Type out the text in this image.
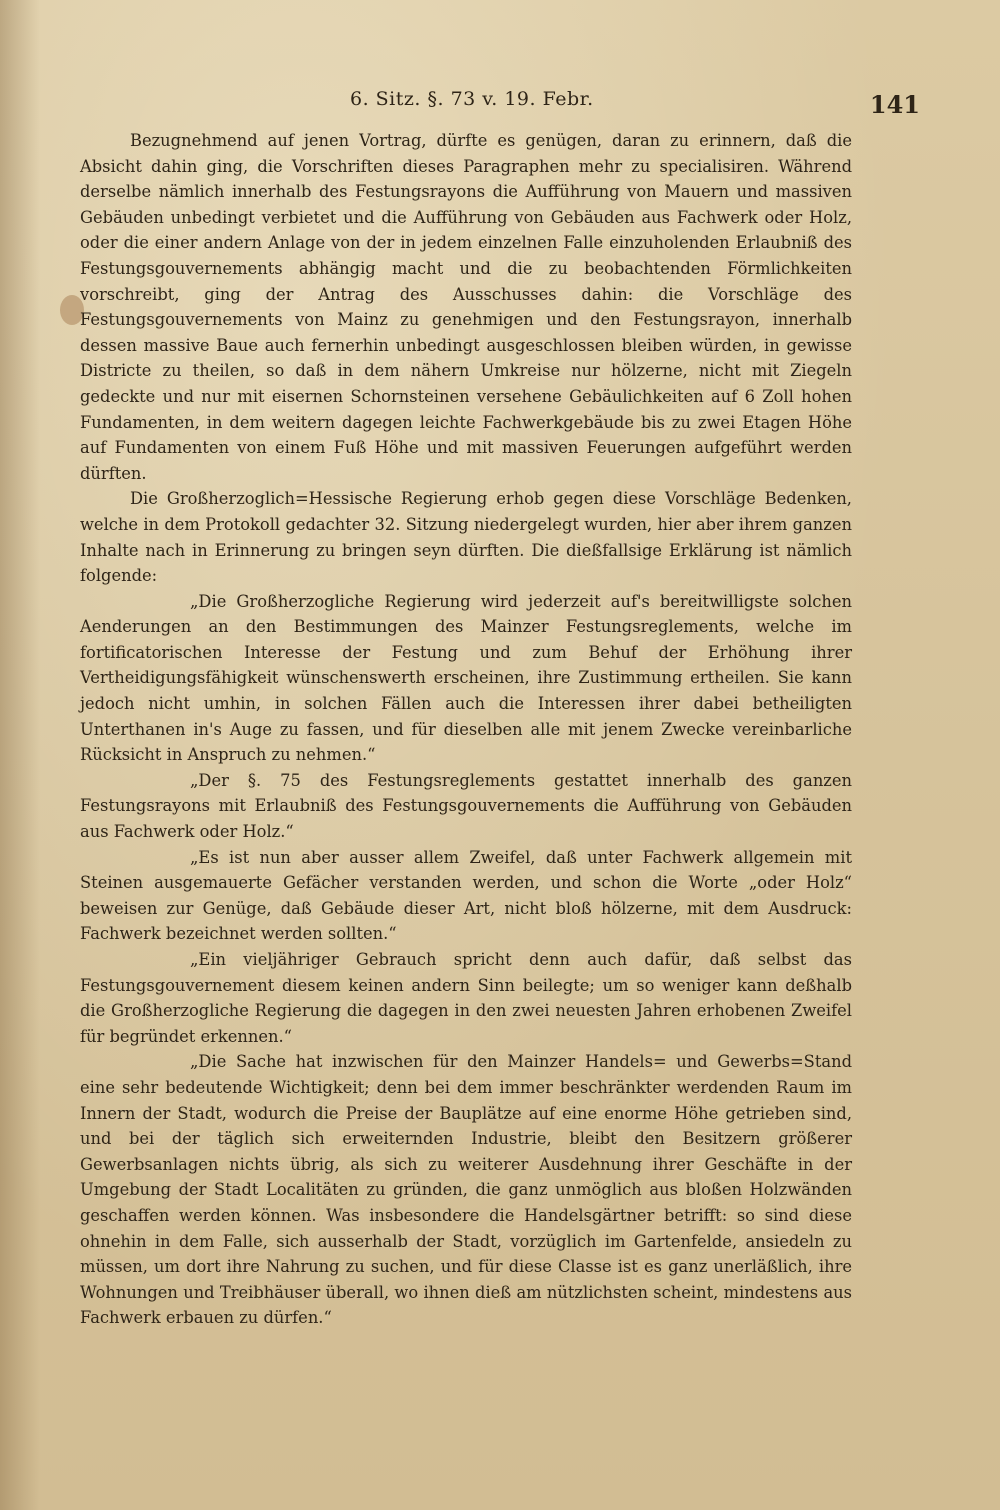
6. Sitz. §. 73 v. 19. Febr.	141

Bezugnehmend auf jenen Vortrag, dürfte es genügen, daran zu erinnern, daß die Absicht dahin ging, die Vorschriften dieses Paragraphen mehr zu specialisiren. Während derselbe nämlich innerhalb des Festungsrayons die Aufführung von Mauern und massiven Gebäuden unbedingt verbietet und die Aufführung von Gebäuden aus Fachwerk oder Holz, oder die einer andern Anlage von der in jedem einzelnen Falle einzuholenden Erlaubniß des Festungsgouvernements abhängig macht und die zu beobachtenden Förmlichkeiten vorschreibt, ging der Antrag des Ausschusses dahin: die Vorschläge des Festungsgouvernements von Mainz zu genehmigen und den Festungsrayon, innerhalb dessen massive Baue auch fernerhin unbedingt ausgeschlossen bleiben würden, in gewisse Districte zu theilen, so daß in dem nähern Umkreise nur hölzerne, nicht mit Ziegeln gedeckte und nur mit eisernen Schornsteinen versehene Gebäulichkeiten auf 6 Zoll hohen Fundamenten, in dem weitern dagegen leichte Fachwerkgebäude bis zu zwei Etagen Höhe auf Fundamenten von einem Fuß Höhe und mit massiven Feuerungen aufgeführt werden dürften.

Die Großherzoglich=Hessische Regierung erhob gegen diese Vorschläge Bedenken, welche in dem Protokoll gedachter 32. Sitzung niedergelegt wurden, hier aber ihrem ganzen Inhalte nach in Erinnerung zu bringen seyn dürften. Die dießfallsige Erklärung ist nämlich folgende:

„Die Großherzogliche Regierung wird jederzeit auf's bereitwilligste solchen Aenderungen an den Bestimmungen des Mainzer Festungsreglements, welche im fortificatorischen Interesse der Festung und zum Behuf der Erhöhung ihrer Vertheidigungsfähigkeit wünschenswerth erscheinen, ihre Zustimmung ertheilen. Sie kann jedoch nicht umhin, in solchen Fällen auch die Interessen ihrer dabei betheiligten Unterthanen in's Auge zu fassen, und für dieselben alle mit jenem Zwecke vereinbarliche Rücksicht in Anspruch zu nehmen.“

„Der §. 75 des Festungsreglements gestattet innerhalb des ganzen Festungsrayons mit Erlaubniß des Festungsgouvernements die Aufführung von Gebäuden aus Fachwerk oder Holz.“

„Es ist nun aber ausser allem Zweifel, daß unter Fachwerk allgemein mit Steinen ausgemauerte Gefächer verstanden werden, und schon die Worte „oder Holz“ beweisen zur Genüge, daß Gebäude dieser Art, nicht bloß hölzerne, mit dem Ausdruck: Fachwerk bezeichnet werden sollten.“

„Ein vieljähriger Gebrauch spricht denn auch dafür, daß selbst das Festungsgouvernement diesem keinen andern Sinn beilegte; um so weniger kann deßhalb die Großherzogliche Regierung die dagegen in den zwei neuesten Jahren erhobenen Zweifel für begründet erkennen.“

„Die Sache hat inzwischen für den Mainzer Handels= und Gewerbs=Stand eine sehr bedeutende Wichtigkeit; denn bei dem immer beschränkter werdenden Raum im Innern der Stadt, wodurch die Preise der Bauplätze auf eine enorme Höhe getrieben sind, und bei der täglich sich erweiternden Industrie, bleibt den Besitzern größerer Gewerbsanlagen nichts übrig, als sich zu weiterer Ausdehnung ihrer Geschäfte in der Umgebung der Stadt Localitäten zu gründen, die ganz unmöglich aus bloßen Holzwänden geschaffen werden können. Was insbesondere die Handelsgärtner betrifft: so sind diese ohnehin in dem Falle, sich ausserhalb der Stadt, vorzüglich im Gartenfelde, ansiedeln zu müssen, um dort ihre Nahrung zu suchen, und für diese Classe ist es ganz unerläßlich, ihre Wohnungen und Treibhäuser überall, wo ihnen dieß am nützlichsten scheint, mindestens aus Fachwerk erbauen zu dürfen.“
